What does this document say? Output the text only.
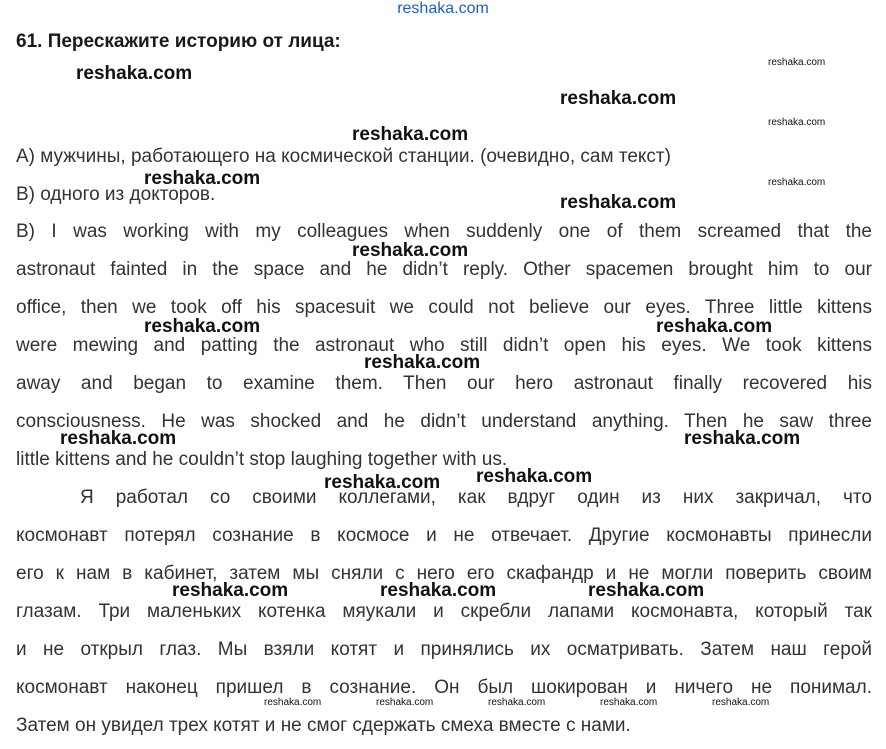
reshaka.com
61. Перескажите историю от лица:
А) мужчины, работающего на космической станции. (очевидно, сам текст)
В) одного из докторов.
В) I was working with my colleagues when suddenly one of them screamed that the
astronaut fainted in the space and he didn’t reply. Other spacemen brought him to our
office, then we took off his spacesuit we could not believe our eyes. Three little kittens
were mewing and patting the astronaut who still didn’t open his eyes. We took kittens
away and began to examine them. Then our hero astronaut finally recovered his
consciousness. He was shocked and he didn’t understand anything. Then he saw three
little kittens and he couldn’t stop laughing together with us.
Я работал со своими коллегами, как вдруг один из них закричал, что
космонавт потерял сознание в космосе и не отвечает. Другие космонавты принесли
его к нам в кабинет, затем мы сняли с него его скафандр и не могли поверить своим
глазам. Три маленьких котенка мяукали и скребли лапами космонавта, который так
и не открыл глаз. Мы взяли котят и принялись их осматривать. Затем наш герой
космонавт наконец пришел в сознание. Он был шокирован и ничего не понимал.
Затем он увидел трех котят и не смог сдержать смеха вместе с нами.
reshaka.com
reshaka.com
reshaka.com
reshaka.com
reshaka.com
reshaka.com
reshaka.com	reshaka.com
reshaka.com
reshaka.com	reshaka.com
reshaka.com reshaka.com
reshaka.com	reshaka.com	reshaka.com
reshaka.com
reshaka.com
reshaka.com
reshaka.com	reshaka.com	reshaka.com	reshaka.com	reshaka.com
